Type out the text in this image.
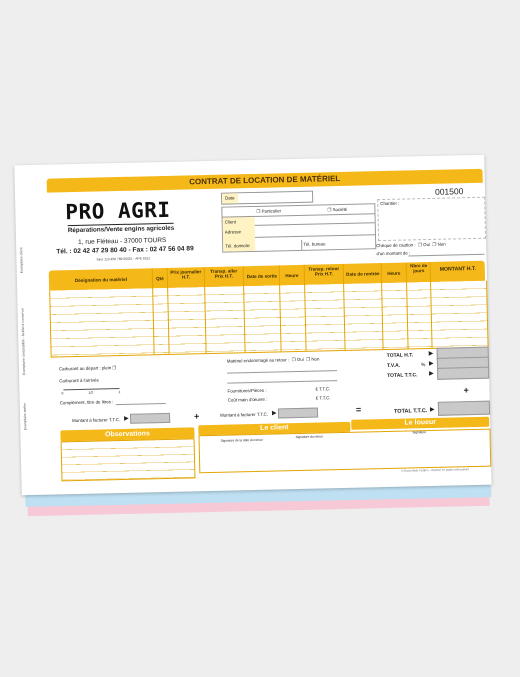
Exemplaire client
Exemplaire comptabilité - feuillet à conserver
Exemplaire atelier
CONTRAT DE LOCATION DE MATÉRIEL
001500
PRO AGRI
Réparations/Vente engins agricoles
1, rue Fléteau - 37000 TOURS
Tél. : 02 42 47 29 80 40 - Fax : 02 47 56 04 89
Siret 123 456 789 00001 - APE 5012
Date
❐ Particulier	❐ Société
Client
Adresse
Tél. domicile	Tél. bureau
Chantier :
Chèque de caution :  ❐ Oui  ❐ Non
d'un montant de :
Désignation du matériel	Qté
Prix journalier H.T.
Transp. aller Prix H.T.	Date de sortie	Heure
Transp. retour Prix H.T.	Date de rentrée	Heure
Nbre de jours	MONTANT H.T.
Carburant au départ : plein ❐
Carburant à l'arrivée
0	1/2	1
Complément, titre de litres :
Montant à facturer T.T.C. ▶	+
Matériel endommagé au retour :  ❐ Oui  ❐ Non
Fournitures/Pièces :	€ T.T.C.
Coût main d'œuvre :	€ T.T.C.
Montant à facturer T.T.C. ▶	=
TOTAL H.T.	▶
T.V.A.	% ▶
TOTAL T.T.C. ▶
+
TOTAL T.T.C. ▶
Observations
Le client
Le loueur
Signature de la date du retour
Signature du retour
Signature
© Exacompta / Edipro - Imprimé en papier autocopiant
